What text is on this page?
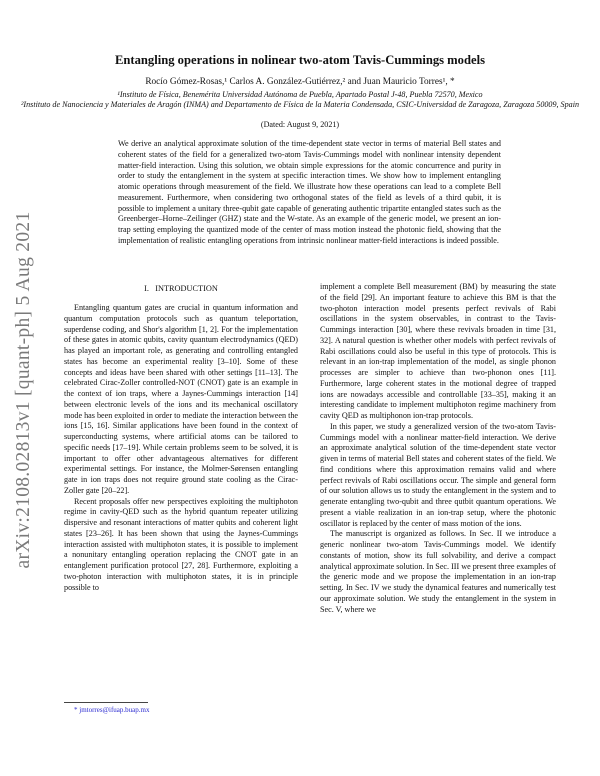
arXiv:2108.02813v1 [quant-ph] 5 Aug 2021
Entangling operations in nolinear two-atom Tavis-Cummings models
Rocío Gómez-Rosas,¹ Carlos A. González-Gutiérrez,² and Juan Mauricio Torres¹, *
¹Instituto de Física, Benemérita Universidad Autónoma de Puebla, Apartado Postal J-48, Puebla 72570, Mexico
²Instituto de Nanociencia y Materiales de Aragón (INMA) and Departamento de Física de la Materia Condensada, CSIC-Universidad de Zaragoza, Zaragoza 50009, Spain
(Dated: August 9, 2021)
We derive an analytical approximate solution of the time-dependent state vector in terms of material Bell states and coherent states of the field for a generalized two-atom Tavis-Cummings model with nonlinear intensity dependent matter-field interaction. Using this solution, we obtain simple expressions for the atomic concurrence and purity in order to study the entanglement in the system at specific interaction times. We show how to implement entangling atomic operations through measurement of the field. We illustrate how these operations can lead to a complete Bell measurement. Furthermore, when considering two orthogonal states of the field as levels of a third qubit, it is possible to implement a unitary three-qubit gate capable of generating authentic tripartite entangled states such as the Greenberger–Horne–Zeilinger (GHZ) state and the W-state. As an example of the generic model, we present an ion-trap setting employing the quantized mode of the center of mass motion instead the photonic field, showing that the implementation of realistic entangling operations from intrinsic nonlinear matter-field interactions is indeed possible.
I. INTRODUCTION

Entangling quantum gates are crucial in quantum information and quantum computation protocols such as quantum teleportation, superdense coding, and Shor's algorithm [1, 2]. For the implementation of these gates in atomic qubits, cavity quantum electrodynamics (QED) has played an important role, as generating and controlling entangled states has become an experimental reality [3–10]. Some of these concepts and ideas have been shared with other settings [11–13]. The celebrated Cirac-Zoller controlled-NOT (CNOT) gate is an example in the context of ion traps, where a Jaynes-Cummings interaction [14] between electronic levels of the ions and its mechanical oscillatory mode has been exploited in order to mediate the interaction between the ions [15, 16]. Similar applications have been found in the context of superconducting systems, where artificial atoms can be tailored to specific needs [17–19]. While certain problems seem to be solved, it is important to offer other advantageous alternatives for different experimental settings. For instance, the Molmer-Sørensen entangling gate in ion traps does not require ground state cooling as the Cirac-Zoller gate [20–22].

Recent proposals offer new perspectives exploiting the multiphoton regime in cavity-QED such as the hybrid quantum repeater utilizing dispersive and resonant interactions of matter qubits and coherent light states [23–26]. It has been shown that using the Jaynes-Cummings interaction assisted with multiphoton states, it is possible to implement a nonunitary entangling operation replacing the CNOT gate in an entanglement purification protocol [27, 28]. Furthermore, exploiting a two-photon interaction with multiphoton states, it is in principle possible to

implement a complete Bell measurement (BM) by measuring the state of the field [29]. An important feature to achieve this BM is that the two-photon interaction model presents perfect revivals of Rabi oscillations in the system observables, in contrast to the Tavis-Cummings interaction [30], where these revivals broaden in time [31, 32]. A natural question is whether other models with perfect revivals of Rabi oscillations could also be useful in this type of protocols. This is relevant in an ion-trap implementation of the model, as single phonon processes are simpler to achieve than two-phonon ones [11]. Furthermore, large coherent states in the motional degree of trapped ions are nowadays accessible and controllable [33–35], making it an interesting candidate to implement multiphoton regime machinery from cavity QED as multiphonon ion-trap protocols.

In this paper, we study a generalized version of the two-atom Tavis-Cummings model with a nonlinear matter-field interaction. We derive an approximate analytical solution of the time-dependent state vector given in terms of material Bell states and coherent states of the field. We find conditions where this approximation remains valid and where perfect revivals of Rabi oscillations occur. The simple and general form of our solution allows us to study the entanglement in the system and to generate entangling two-qubit and three qutbit quantum operations. We present a viable realization in an ion-trap setup, where the photonic oscillator is replaced by the center of mass motion of the ions.

The manuscript is organized as follows. In Sec. II we introduce a generic nonlinear two-atom Tavis-Cummings model. We identify constants of motion, show its full solvability, and derive a compact analytical approximate solution. In Sec. III we present three examples of the generic mode and we propose the implementation in an ion-trap setting. In Sec. IV we study the dynamical features and numerically test our approximate solution. We study the entanglement in the system in Sec. V, where we

* jmtorres@ifuap.buap.mx
